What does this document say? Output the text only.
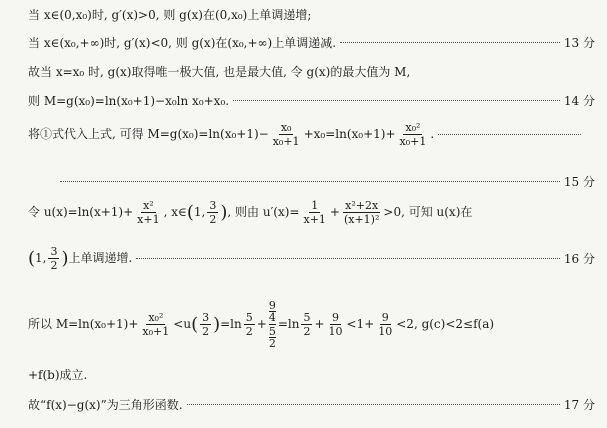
当 x∈(0,x₀)时, g′(x)>0, 则 g(x)在(0,x₀)上单调递增;
当 x∈(x₀,+∞)时, g′(x)<0, 则 g(x)在(x₀,+∞)上单调递减.	13 分
故当 x=x₀ 时, g(x)取得唯一极大值, 也是最大值, 令 g(x)的最大值为 M,
则 M=g(x₀)=ln(x₀+1)−x₀ln x₀+x₀.	14 分
将①式代入上式, 可得 $M=g(x_0)=\ln(x_0+1)- \frac{\text{x₀}}{\text{x₀+1}} +x_0=\ln(x_0+1)+ \frac{\text{x₀²}}{\text{x₀+1}}$ .
15 分
令 $u(x)=\ln(x+1)+ \frac{\text{x²}}{x+1}$ , x∈(1, $\frac{3}{2}$ ), 则由 $u'(x)= \frac{1}{x+1} + \frac{\text{x²+2x}}{\text{(x+1)²}} >0$, 可知 u(x)在
(1, $\frac{3}{2}$ )上单调递增.	16 分
所以 $M=\ln(x_0+1)+ \frac{\text{x₀²}}{\text{x₀+1}} <u( \frac{3}{2} )=\ln \frac{5}{2} + 9$
4
5
$2 =\ln \frac{5}{2} + \frac{9}{10} <1+ \frac{9}{10} <2$, g(c)<2≤f(a)
+f(b)成立.
故“f(x)−g(x)”为三角形函数.	17 分
